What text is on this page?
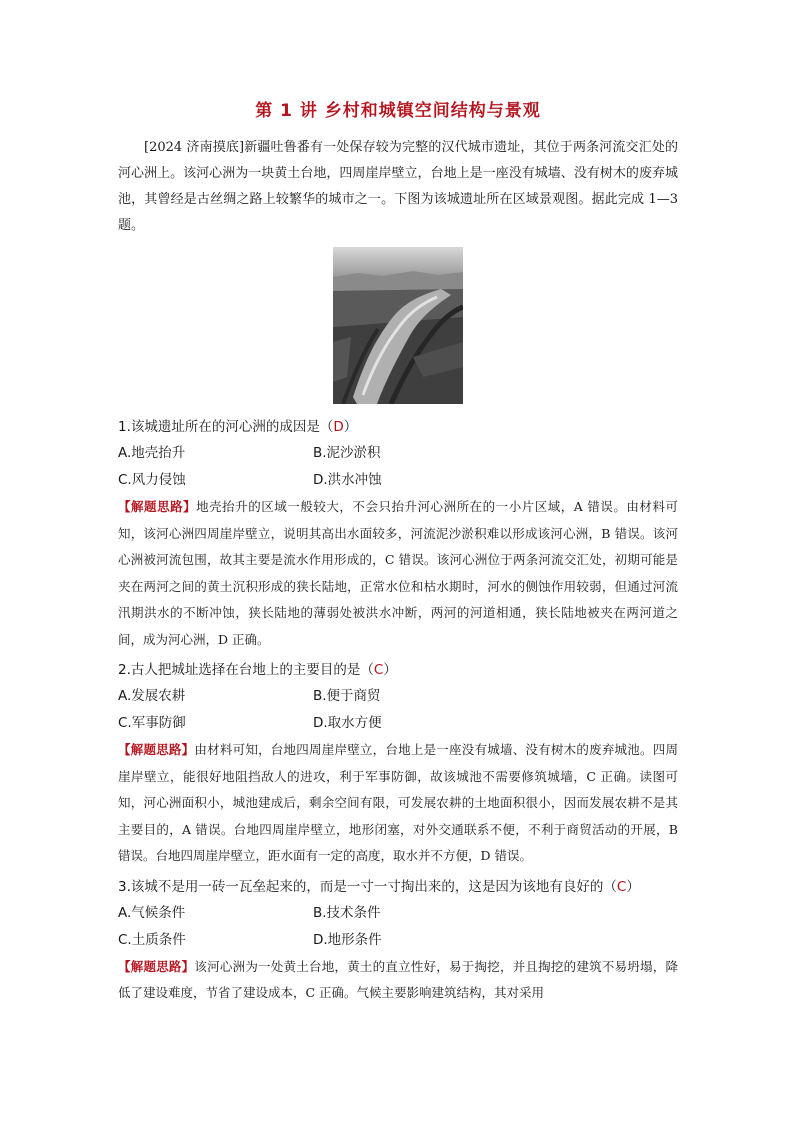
第 1 讲 乡村和城镇空间结构与景观

[2024 济南摸底]新疆吐鲁番有一处保存较为完整的汉代城市遗址，其位于两条河流交汇处的河心洲上。该河心洲为一块黄土台地，四周崖岸壁立，台地上是一座没有城墙、没有树木的废弃城池，其曾经是古丝绸之路上较繁华的城市之一。下图为该城遗址所在区域景观图。据此完成 1—3题。

1.该城遗址所在的河心洲的成因是（D）

A.地壳抬升	B.泥沙淤积
C.风力侵蚀	D.洪水冲蚀

【解题思路】地壳抬升的区域一般较大，不会只抬升河心洲所在的一小片区域，A 错误。由材料可知，该河心洲四周崖岸壁立，说明其高出水面较多，河流泥沙淤积难以形成该河心洲，B 错误。该河心洲被河流包围，故其主要是流水作用形成的，C 错误。该河心洲位于两条河流交汇处，初期可能是夹在两河之间的黄土沉积形成的狭长陆地，正常水位和枯水期时，河水的侧蚀作用较弱，但通过河流汛期洪水的不断冲蚀，狭长陆地的薄弱处被洪水冲断，两河的河道相通，狭长陆地被夹在两河道之间，成为河心洲，D 正确。

2.古人把城址选择在台地上的主要目的是（C）

A.发展农耕	B.便于商贸
C.军事防御	D.取水方便

【解题思路】由材料可知，台地四周崖岸壁立，台地上是一座没有城墙、没有树木的废弃城池。四周崖岸壁立，能很好地阻挡敌人的进攻，利于军事防御，故该城池不需要修筑城墙，C 正确。读图可知，河心洲面积小，城池建成后，剩余空间有限，可发展农耕的土地面积很小，因而发展农耕不是其主要目的，A 错误。台地四周崖岸壁立，地形闭塞，对外交通联系不便，不利于商贸活动的开展，B 错误。台地四周崖岸壁立，距水面有一定的高度，取水并不方便，D 错误。

3.该城不是用一砖一瓦垒起来的，而是一寸一寸掏出来的，这是因为该地有良好的（C）

A.气候条件	B.技术条件
C.土质条件	D.地形条件

【解题思路】该河心洲为一处黄土台地，黄土的直立性好，易于掏挖，并且掏挖的建筑不易坍塌，降低了建设难度，节省了建设成本，C 正确。气候主要影响建筑结构，其对采用
